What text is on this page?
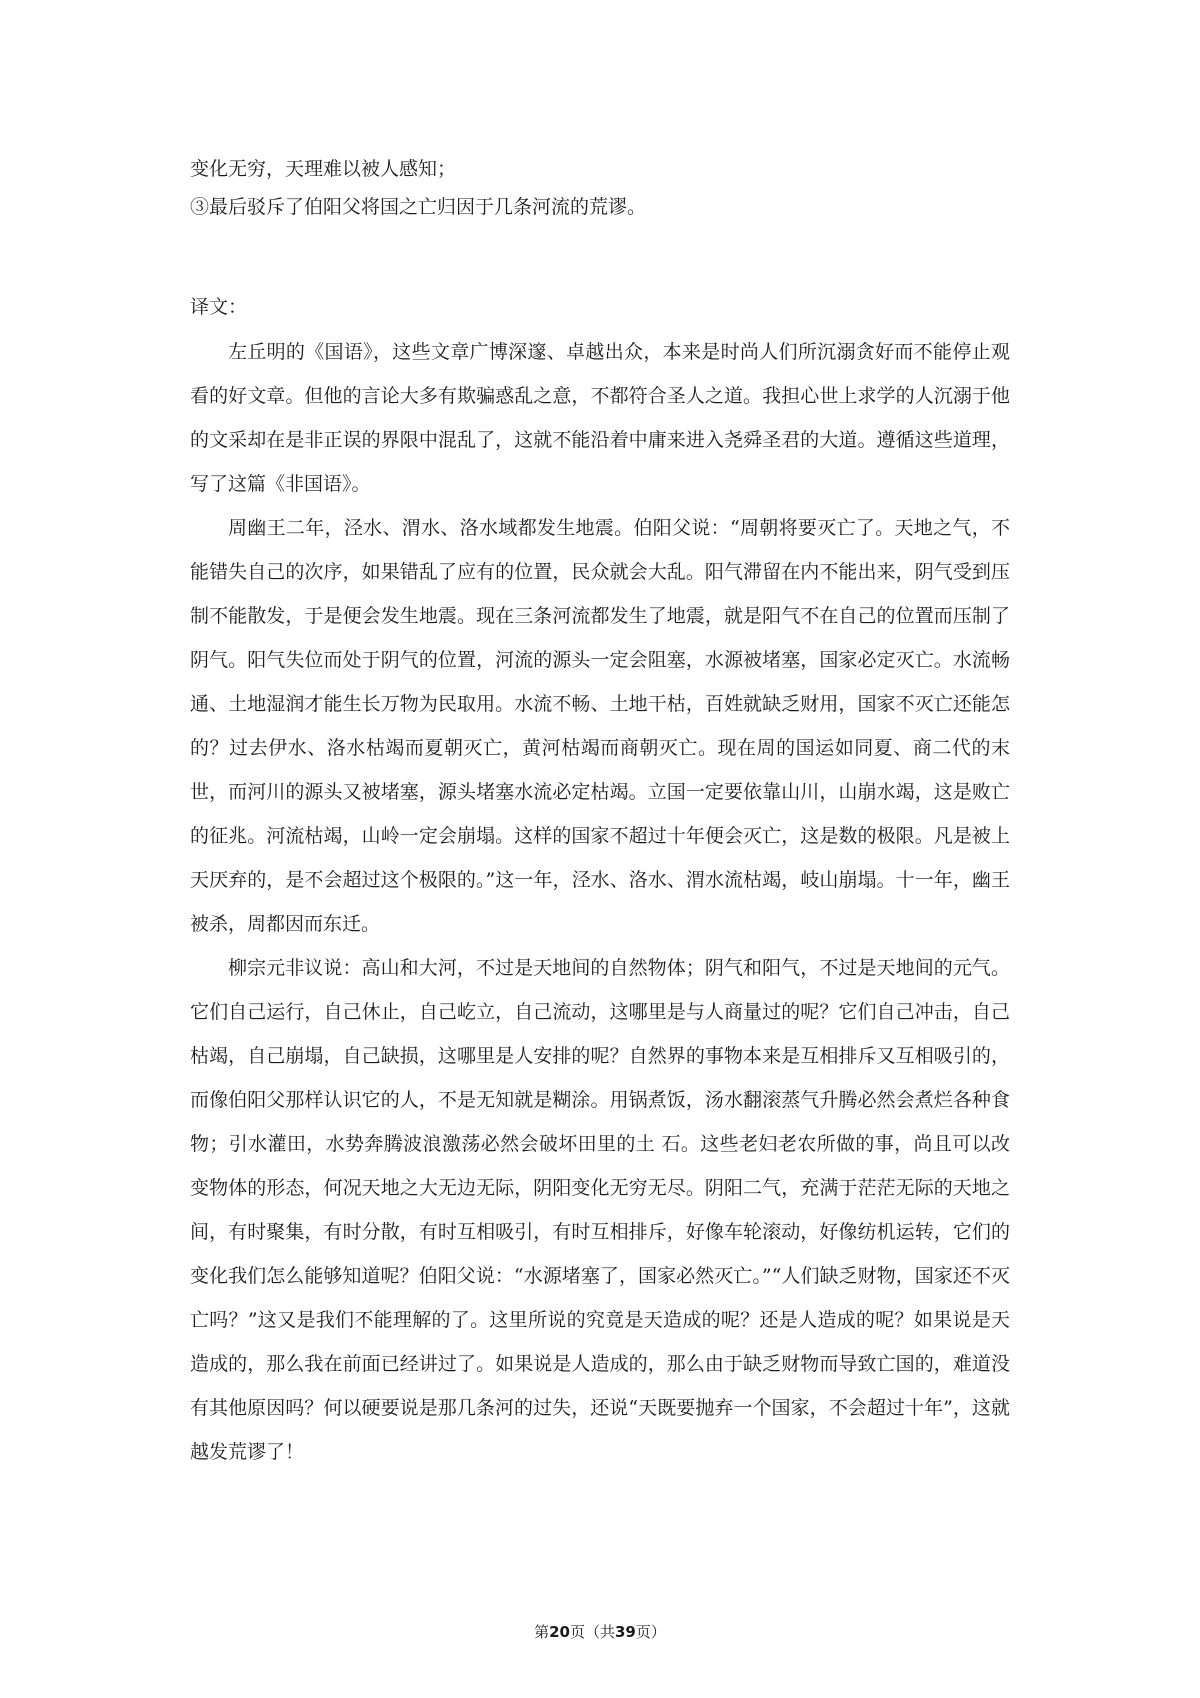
变化无穷，天理难以被人感知；

③最后驳斥了伯阳父将国之亡归因于几条河流的荒谬。

译文：

左丘明的《国语》，这些文章广博深邃、卓越出众，本来是时尚人们所沉溺贪好而不能停止观看的好文章。但他的言论大多有欺骗惑乱之意，不都符合圣人之道。我担心世上求学的人沉溺于他的文采却在是非正误的界限中混乱了，这就不能沿着中庸来进入尧舜圣君的大道。遵循这些道理，写了这篇《非国语》。

周幽王二年，泾水、渭水、洛水域都发生地震。伯阳父说：“周朝将要灭亡了。天地之气，不能错失自己的次序，如果错乱了应有的位置，民众就会大乱。阳气滞留在内不能出来，阴气受到压制不能散发，于是便会发生地震。现在三条河流都发生了地震，就是阳气不在自己的位置而压制了阴气。阳气失位而处于阴气的位置，河流的源头一定会阻塞，水源被堵塞，国家必定灭亡。水流畅通、土地湿润才能生长万物为民取用。水流不畅、土地干枯，百姓就缺乏财用，国家不灭亡还能怎的？过去伊水、洛水枯竭而夏朝灭亡，黄河枯竭而商朝灭亡。现在周的国运如同夏、商二代的末世，而河川的源头又被堵塞，源头堵塞水流必定枯竭。立国一定要依靠山川，山崩水竭，这是败亡的征兆。河流枯竭，山岭一定会崩塌。这样的国家不超过十年便会灭亡，这是数的极限。凡是被上天厌弃的，是不会超过这个极限的。”这一年，泾水、洛水、渭水流枯竭，岐山崩塌。十一年，幽王被杀，周都因而东迁。

柳宗元非议说：高山和大河，不过是天地间的自然物体；阴气和阳气，不过是天地间的元气。它们自己运行，自己休止，自己屹立，自己流动，这哪里是与人商量过的呢？它们自己冲击，自己枯竭，自己崩塌，自己缺损，这哪里是人安排的呢？自然界的事物本来是互相排斥又互相吸引的，而像伯阳父那样认识它的人，不是无知就是糊涂。用锅煮饭，汤水翻滚蒸气升腾必然会煮烂各种食物；引水灌田，水势奔腾波浪激荡必然会破坏田里的土 石。这些老妇老农所做的事，尚且可以改变物体的形态，何况天地之大无边无际，阴阳变化无穷无尽。阴阳二气，充满于茫茫无际的天地之间，有时聚集，有时分散，有时互相吸引，有时互相排斥，好像车轮滚动，好像纺机运转，它们的变化我们怎么能够知道呢？伯阳父说：“水源堵塞了，国家必然灭亡。”“人们缺乏财物，国家还不灭亡吗？”这又是我们不能理解的了。这里所说的究竟是天造成的呢？还是人造成的呢？如果说是天造成的，那么我在前面已经讲过了。如果说是人造成的，那么由于缺乏财物而导致亡国的，难道没有其他原因吗？何以硬要说是那几条河的过失，还说“天既要抛弃一个国家，不会超过十年”，这就越发荒谬了！

第20页（共39页）
